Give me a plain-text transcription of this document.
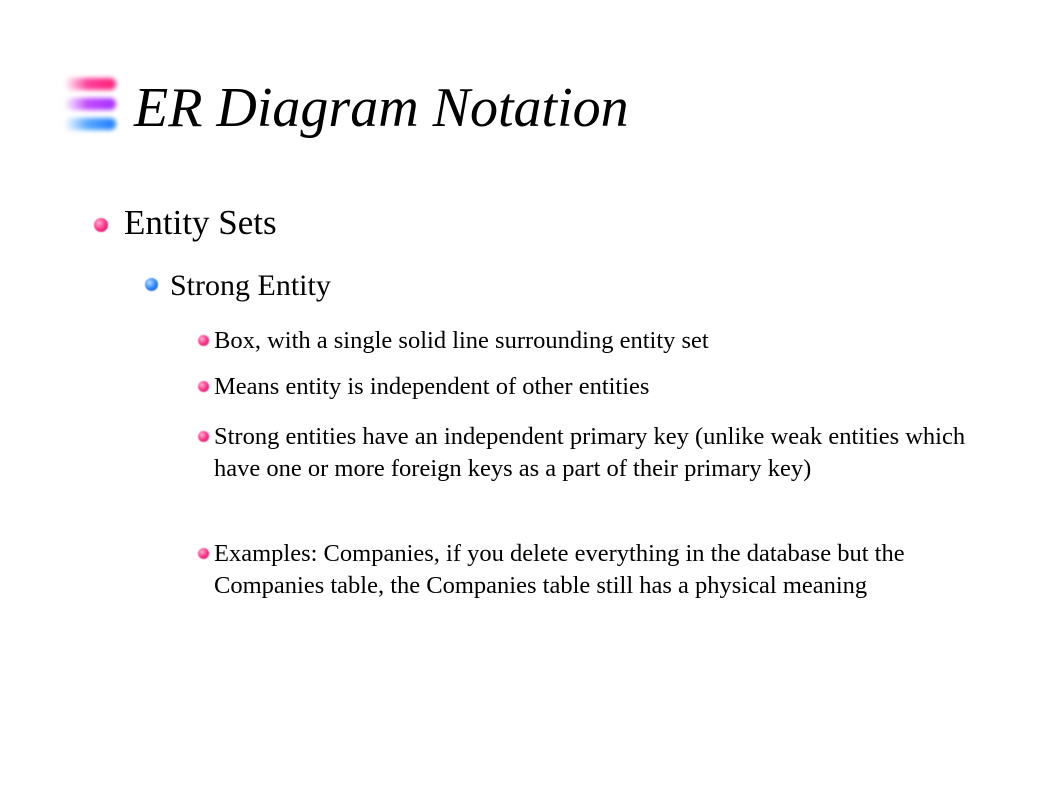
ER Diagram Notation

Entity Sets

Strong Entity

Box, with a single solid line surrounding entity set

Means entity is independent of other entities

Strong entities have an independent primary key (unlike weak entities which have one or more foreign keys as a part of their primary key)

Examples: Companies, if you delete everything in the database but the Companies table, the Companies table still has a physical meaning
